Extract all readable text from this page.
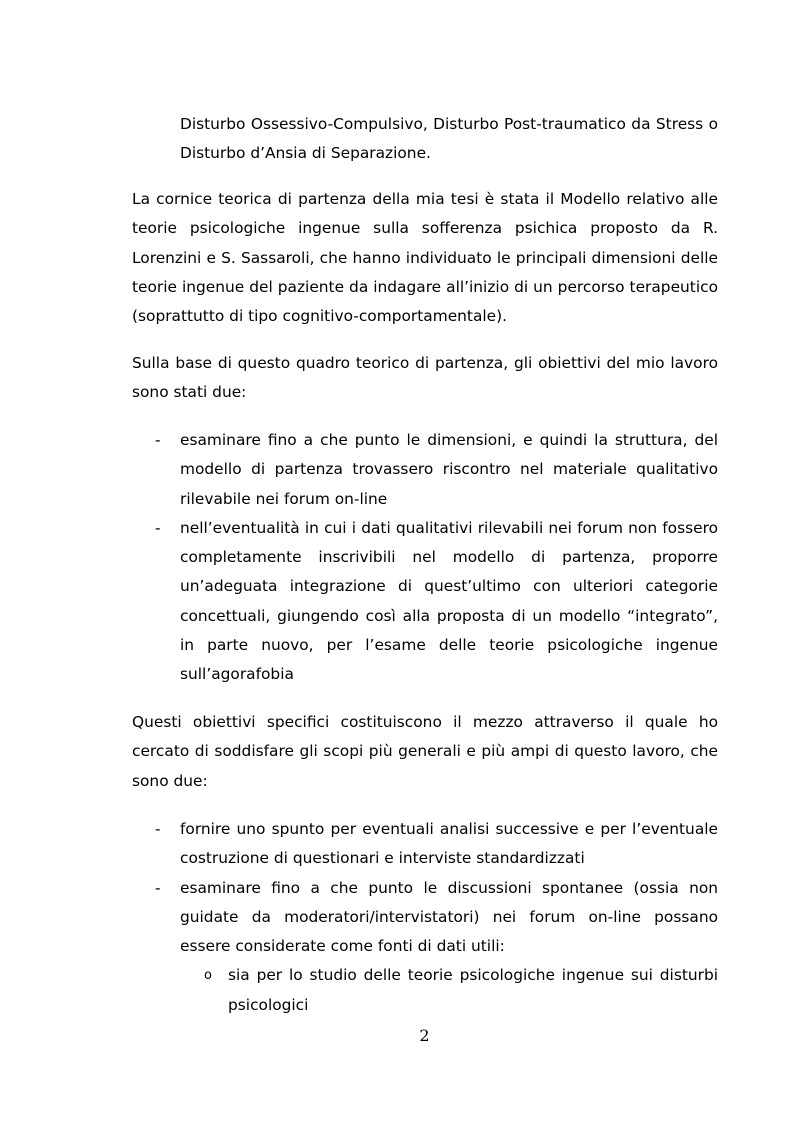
Disturbo Ossessivo-Compulsivo, Disturbo Post-traumatico da Stress o Disturbo d’Ansia di Separazione.

La cornice teorica di partenza della mia tesi è stata il Modello relativo alle teorie psicologiche ingenue sulla sofferenza psichica proposto da R. Lorenzini e S. Sassaroli, che hanno individuato le principali dimensioni delle teorie ingenue del paziente da indagare all’inizio di un percorso terapeutico (soprattutto di tipo cognitivo-comportamentale).

Sulla base di questo quadro teorico di partenza, gli obiettivi del mio lavoro sono stati due:

- esaminare fino a che punto le dimensioni, e quindi la struttura, del modello di partenza trovassero riscontro nel materiale qualitativo rilevabile nei forum on-line
- nell’eventualità in cui i dati qualitativi rilevabili nei forum non fossero completamente inscrivibili nel modello di partenza, proporre un’adeguata integrazione di quest’ultimo con ulteriori categorie concettuali, giungendo così alla proposta di un modello “integrato”, in parte nuovo, per l’esame delle teorie psicologiche ingenue sull’agorafobia

Questi obiettivi specifici costituiscono il mezzo attraverso il quale ho cercato di soddisfare gli scopi più generali e più ampi di questo lavoro, che sono due:

- fornire uno spunto per eventuali analisi successive e per l’eventuale costruzione di questionari e interviste standardizzati
- esaminare fino a che punto le discussioni spontanee (ossia non guidate da moderatori/intervistatori) nei forum on-line possano essere considerate come fonti di dati utili:
o sia per lo studio delle teorie psicologiche ingenue sui disturbi psicologici
2
